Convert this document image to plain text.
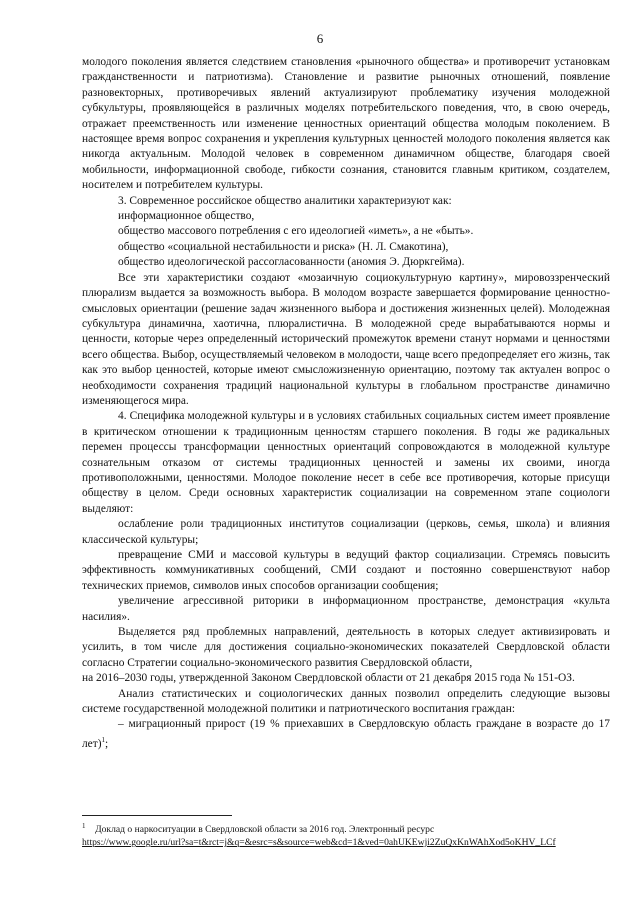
6

молодого поколения является следствием становления «рыночного общества» и противоречит установкам гражданственности и патриотизма). Становление и развитие рыночных отношений, появление разновекторных, противоречивых явлений актуализируют проблематику изучения молодежной субкультуры, проявляющейся в различных моделях потребительского поведения, что, в свою очередь, отражает преемственность или изменение ценностных ориентаций общества молодым поколением. В настоящее время вопрос сохранения и укрепления культурных ценностей молодого поколения является как никогда актуальным. Молодой человек в современном динамичном обществе, благодаря своей мобильности, информационной свободе, гибкости сознания, становится главным критиком, создателем, носителем и потребителем культуры.

3. Современное российское общество аналитики характеризуют как:

информационное общество,

общество массового потребления с его идеологией «иметь», а не «быть».

общество «социальной нестабильности и риска» (Н. Л. Смакотина),

общество идеологической рассогласованности (аномия Э. Дюркгейма).

Все эти характеристики создают «мозаичную социокультурную картину», мировоззренческий плюрализм выдается за возможность выбора. В молодом возрасте завершается формирование ценностно-смысловых ориентации (решение задач жизненного выбора и достижения жизненных целей). Молодежная субкультура динамична, хаотична, плюралистична. В молодежной среде вырабатываются нормы и ценности, которые через определенный исторический промежуток времени станут нормами и ценностями всего общества. Выбор, осуществляемый человеком в молодости, чаще всего предопределяет его жизнь, так как это выбор ценностей, которые имеют смысложизненную ориентацию, поэтому так актуален вопрос о необходимости сохранения традиций национальной культуры в глобальном пространстве динамично изменяющегося мира.

4. Специфика молодежной культуры и в условиях стабильных социальных систем имеет проявление в критическом отношении к традиционным ценностям старшего поколения. В годы же радикальных перемен процессы трансформации ценностных ориентаций сопровождаются в молодежной культуре сознательным отказом от системы традиционных ценностей и замены их своими, иногда противоположными, ценностями. Молодое поколение несет в себе все противоречия, которые присущи обществу в целом. Среди основных характеристик социализации на современном этапе социологи выделяют:

ослабление роли традиционных институтов социализации (церковь, семья, школа) и влияния классической культуры;

превращение СМИ и массовой культуры в ведущий фактор социализации. Стремясь повысить эффективность коммуникативных сообщений, СМИ создают и постоянно совершенствуют набор технических приемов, символов иных способов организации сообщения;

увеличение агрессивной риторики в информационном пространстве, демонстрация «культа насилия».

Выделяется ряд проблемных направлений, деятельность в которых следует активизировать и усилить, в том числе для достижения социально-экономических показателей Свердловской области согласно Стратегии социально-экономического развития Свердловской области,

на 2016–2030 годы, утвержденной Законом Свердловской области от 21 декабря 2015 года № 151-ОЗ.

Анализ статистических и социологических данных позволил определить следующие вызовы системе государственной молодежной политики и патриотического воспитания граждан:

– миграционный прирост (19 % приехавших в Свердловскую область граждане в возрасте до 17 лет)$^1$;

$^1$ Доклад о наркоситуации в Свердловской области за 2016 год. Электронный ресурс

https://www.google.ru/url?sa=t&rct=j&q=&esrc=s&source=web&cd=1&ved=0ahUKEwji2ZuQxKnWAhXod5oKHV_LCf
